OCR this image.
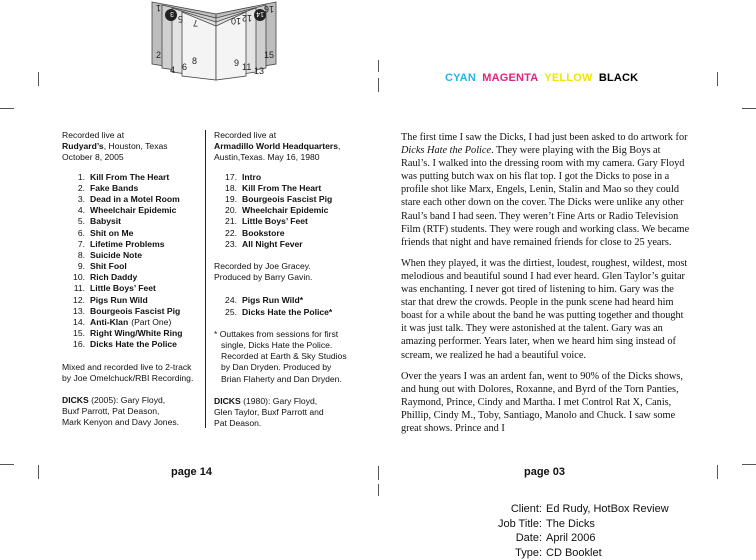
1
2
3
4
5
6
7
8	9
10
11
12
13
14
15
16
CYAN MAGENTA YELLOW BLACK

Recorded live at

Rudyard’s, Houston, Texas

October 8, 2005

1. Kill From The Heart
2. Fake Bands
3. Dead in a Motel Room
4. Wheelchair Epidemic
5. Babysit
6. Shit on Me
7. Lifetime Problems
8. Suicide Note
9. Shit Fool
10. Rich Daddy
11. Little Boys’ Feet
12. Pigs Run Wild
13. Bourgeois Fascist Pig
14. Anti-Klan (Part One)
15. Right Wing/White Ring
16. Dicks Hate the Police

Mixed and recorded live to 2-track

by Joe Omelchuck/RBI Recording.

DICKS (2005): Gary Floyd,

Buxf Parrott, Pat Deason,

Mark Kenyon and Davy Jones.

Recorded live at

Armadillo World Headquarters,

Austin,Texas. May 16, 1980

17. Intro
18. Kill From The Heart
19. Bourgeois Fascist Pig
20. Wheelchair Epidemic
21. Little Boys’ Feet
22. Bookstore
23. All Night Fever

Recorded by Joe Gracey.

Produced by Barry Gavin.

24. Pigs Run Wild*
25. Dicks Hate the Police*

* Outtakes from sessions for first

single, Dicks Hate the Police.

Recorded at Earth & Sky Studios

by Dan Dryden. Produced by

Brian Flaherty and Dan Dryden.

DICKS (1980): Gary Floyd,

Glen Taylor, Buxf Parrott and

Pat Deason.

The first time I saw the Dicks, I had just been asked to do artwork for Dicks Hate the Police. They were playing with the Big Boys at Raul’s. I walked into the dressing room with my camera. Gary Floyd was putting butch wax on his flat top. I got the Dicks to pose in a profile shot like Marx, Engels, Lenin, Stalin and Mao so they could stare each other down on the cover. The Dicks were unlike any other Raul’s band I had seen. They weren’t Fine Arts or Radio Television Film (RTF) students. They were rough and working class. We became friends that night and have remained friends for close to 25 years.

When they played, it was the dirtiest, loudest, roughest, wildest, most melodious and beautiful sound I had ever heard. Glen Taylor’s guitar was enchanting. I never got tired of listening to him. Gary was the star that drew the crowds. People in the punk scene had heard him boast for a while about the band he was putting together and thought it was just talk. They were astonished at the talent. Gary was an amazing performer. Years later, when we heard him sing instead of scream, we realized he had a beautiful voice.

Over the years I was an ardent fan, went to 90% of the Dicks shows, and hung out with Dolores, Roxanne, and Byrd of the Torn Panties, Raymond, Prince, Cindy and Martha. I met Control Rat X, Canis, Phillip, Cindy M., Toby, Santiago, Manolo and Chuck. I saw some great shows. Prince and I

page 14	page 03
Client: Ed Rudy, HotBox Review
Job Title: The Dicks
Date: April 2006
Type: CD Booklet
